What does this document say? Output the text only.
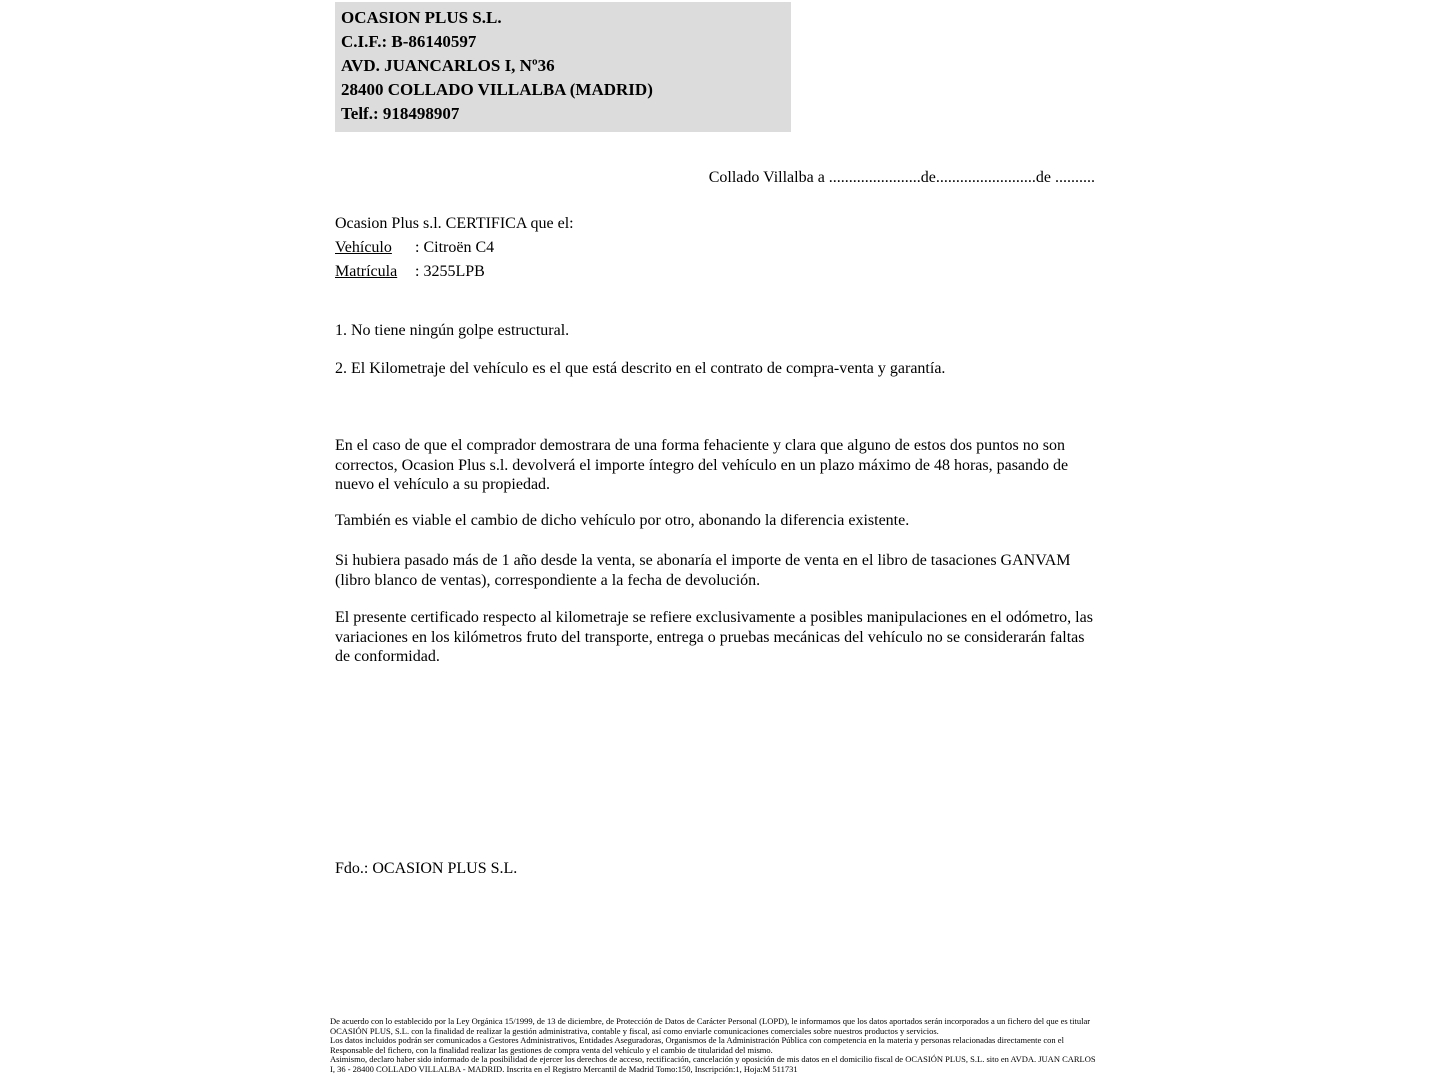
OCASION PLUS S.L.
C.I.F.: B-86140597
AVD. JUANCARLOS I, Nº36
28400 COLLADO VILLALBA (MADRID)
Telf.: 918498907
Collado Villalba a .......................de.........................de ..........
Ocasion Plus s.l. CERTIFICA que el:
Vehículo : Citroën C4
Matrícula : 3255LPB
1. No tiene ningún golpe estructural.
2. El Kilometraje del vehículo es el que está descrito en el contrato de compra-venta y garantía.
En el caso de que el comprador demostrara de una forma fehaciente y clara que alguno de estos dos puntos no son correctos, Ocasion Plus s.l. devolverá el importe íntegro del vehículo en un plazo máximo de 48 horas, pasando de nuevo el vehículo a su propiedad.
También es viable el cambio de dicho vehículo por otro, abonando la diferencia existente.
Si hubiera pasado más de 1 año desde la venta, se abonaría el importe de venta en el libro de tasaciones GANVAM (libro blanco de ventas), correspondiente a la fecha de devolución.
El presente certificado respecto al kilometraje se refiere exclusivamente a posibles manipulaciones en el odómetro, las variaciones en los kilómetros fruto del transporte, entrega o pruebas mecánicas del vehículo no se considerarán faltas de conformidad.
Fdo.: OCASION PLUS S.L.
De acuerdo con lo establecido por la Ley Orgánica 15/1999, de 13 de diciembre, de Protección de Datos de Carácter Personal (LOPD), le informamos que los datos aportados serán incorporados a un fichero del que es titular OCASIÓN PLUS, S.L. con la finalidad de realizar la gestión administrativa, contable y fiscal, así como enviarle comunicaciones comerciales sobre nuestros productos y servicios.
Los datos incluidos podrán ser comunicados a Gestores Administrativos, Entidades Aseguradoras, Organismos de la Administración Pública con competencia en la materia y personas relacionadas directamente con el Responsable del fichero, con la finalidad realizar las gestiones de compra venta del vehículo y el cambio de titularidad del mismo.
Asimismo, declaro haber sido informado de la posibilidad de ejercer los derechos de acceso, rectificación, cancelación y oposición de mis datos en el domicilio fiscal de OCASIÓN PLUS, S.L. sito en AVDA. JUAN CARLOS I, 36 - 28400 COLLADO VILLALBA - MADRID. Inscrita en el Registro Mercantil de Madrid Tomo:150, Inscripción:1, Hoja:M 511731
